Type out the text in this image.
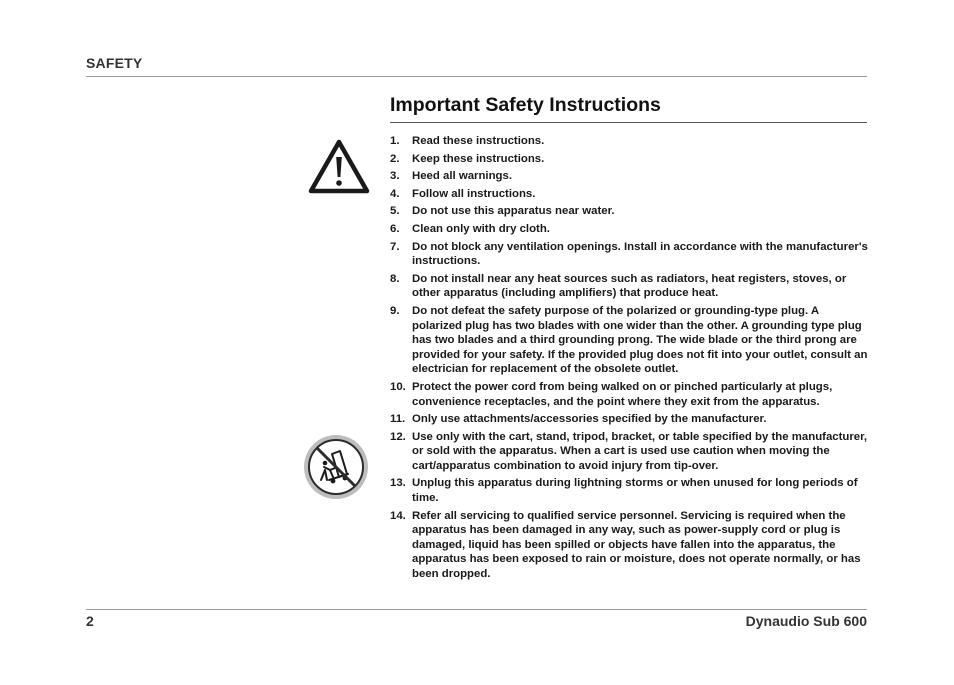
SAFETY
Important Safety Instructions
1.	Read these instructions.
2.	Keep these instructions.
3.	Heed all warnings.
4.	Follow all instructions.
5.	Do not use this apparatus near water.
6.	Clean only with dry cloth.
7.	Do not block any ventilation openings. Install in accordance with the manufacturer's instructions.
8.	Do not install near any heat sources such as radiators, heat registers, stoves, or other apparatus (including amplifiers) that produce heat.
9.	Do not defeat the safety purpose of the polarized or grounding-type plug. A polarized plug has two blades with one wider than the other. A grounding type plug has two blades and a third grounding prong. The wide blade or the third prong are provided for your safety. If the provided plug does not fit into your outlet, consult an electrician for replacement of the obsolete outlet.
10. Protect the power cord from being walked on or pinched particularly at plugs, convenience receptacles, and the point where they exit from the apparatus.
11. Only use attachments/accessories specified by the manufacturer.
12. Use only with the cart, stand, tripod, bracket, or table specified by the manufacturer, or sold with the apparatus. When a cart is used use caution when moving the cart/apparatus combination to avoid injury from tip-over.
13. Unplug this apparatus during lightning storms or when unused for long periods of time.
14. Refer all servicing to qualified service personnel. Servicing is required when the apparatus has been damaged in any way, such as power-supply cord or plug is damaged, liquid has been spilled or objects have fallen into the apparatus, the apparatus has been exposed to rain or moisture, does not operate normally, or has been dropped.
2	Dynaudio Sub 600
